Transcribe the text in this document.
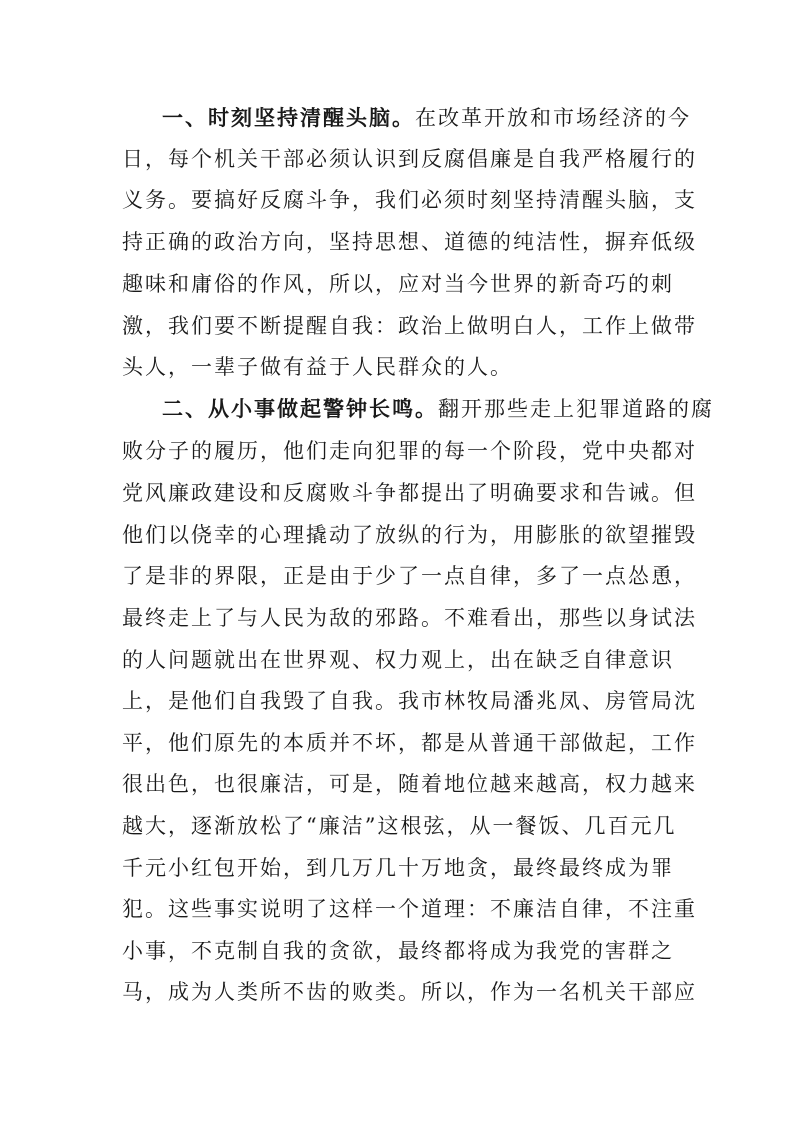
一、时刻坚持清醒头脑。在改革开放和市场经济的今
日，每个机关干部必须认识到反腐倡廉是自我严格履行的
义务。要搞好反腐斗争，我们必须时刻坚持清醒头脑，支
持正确的政治方向，坚持思想、道德的纯洁性，摒弃低级
趣味和庸俗的作风，所以，应对当今世界的新奇巧的刺
激，我们要不断提醒自我：政治上做明白人，工作上做带
头人，一辈子做有益于人民群众的人。
二、从小事做起警钟长鸣。翻开那些走上犯罪道路的腐
败分子的履历，他们走向犯罪的每一个阶段，党中央都对
党风廉政建设和反腐败斗争都提出了明确要求和告诫。但
他们以侥幸的心理撬动了放纵的行为，用膨胀的欲望摧毁
了是非的界限，正是由于少了一点自律，多了一点怂恿，
最终走上了与人民为敌的邪路。不难看出，那些以身试法
的人问题就出在世界观、权力观上，出在缺乏自律意识
上，是他们自我毁了自我。我市林牧局潘兆凤、房管局沈
平，他们原先的本质并不坏，都是从普通干部做起，工作
很出色，也很廉洁，可是，随着地位越来越高，权力越来
越大，逐渐放松了“廉洁”这根弦，从一餐饭、几百元几
千元小红包开始，到几万几十万地贪，最终最终成为罪
犯。这些事实说明了这样一个道理：不廉洁自律，不注重
小事，不克制自我的贪欲，最终都将成为我党的害群之
马，成为人类所不齿的败类。所以，作为一名机关干部应
